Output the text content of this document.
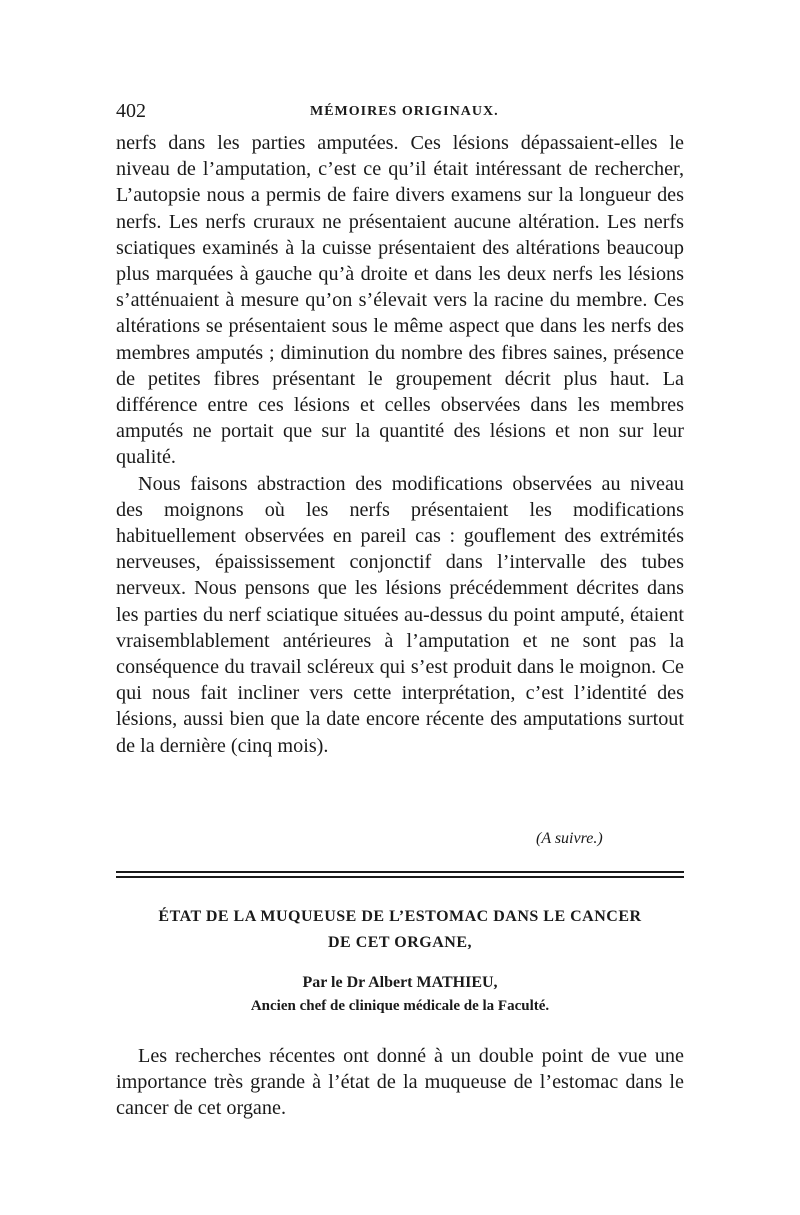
402	MÉMOIRES ORIGINAUX.

nerfs dans les parties amputées. Ces lésions dépassaient-elles le niveau de l’amputation, c’est ce qu’il était intéressant de rechercher, L’autopsie nous a permis de faire divers examens sur la longueur des nerfs. Les nerfs cruraux ne présentaient aucune altération. Les nerfs sciatiques examinés à la cuisse présentaient des altérations beaucoup plus marquées à gauche qu’à droite et dans les deux nerfs les lésions s’atténuaient à mesure qu’on s’élevait vers la racine du membre. Ces altérations se présentaient sous le même aspect que dans les nerfs des membres amputés ; diminution du nombre des fibres saines, présence de petites fibres présentant le groupement décrit plus haut. La différence entre ces lésions et celles observées dans les membres amputés ne portait que sur la quantité des lésions et non sur leur qualité.

Nous faisons abstraction des modifications observées au niveau des moignons où les nerfs présentaient les modifications habituellement observées en pareil cas : gouflement des extrémités nerveuses, épaississement conjonctif dans l’intervalle des tubes nerveux. Nous pensons que les lésions précédemment décrites dans les parties du nerf sciatique situées au-dessus du point amputé, étaient vraisemblablement antérieures à l’amputation et ne sont pas la conséquence du travail scléreux qui s’est produit dans le moignon. Ce qui nous fait incliner vers cette interprétation, c’est l’identité des lésions, aussi bien que la date encore récente des amputations surtout de la dernière (cinq mois).

(A suivre.)
ÉTAT DE LA MUQUEUSE DE L’ESTOMAC DANS LE CANCER
DE CET ORGANE,
Par le Dr Albert MATHIEU,
Ancien chef de clinique médicale de la Faculté.

Les recherches récentes ont donné à un double point de vue une importance très grande à l’état de la muqueuse de l’estomac dans le cancer de cet organe.
